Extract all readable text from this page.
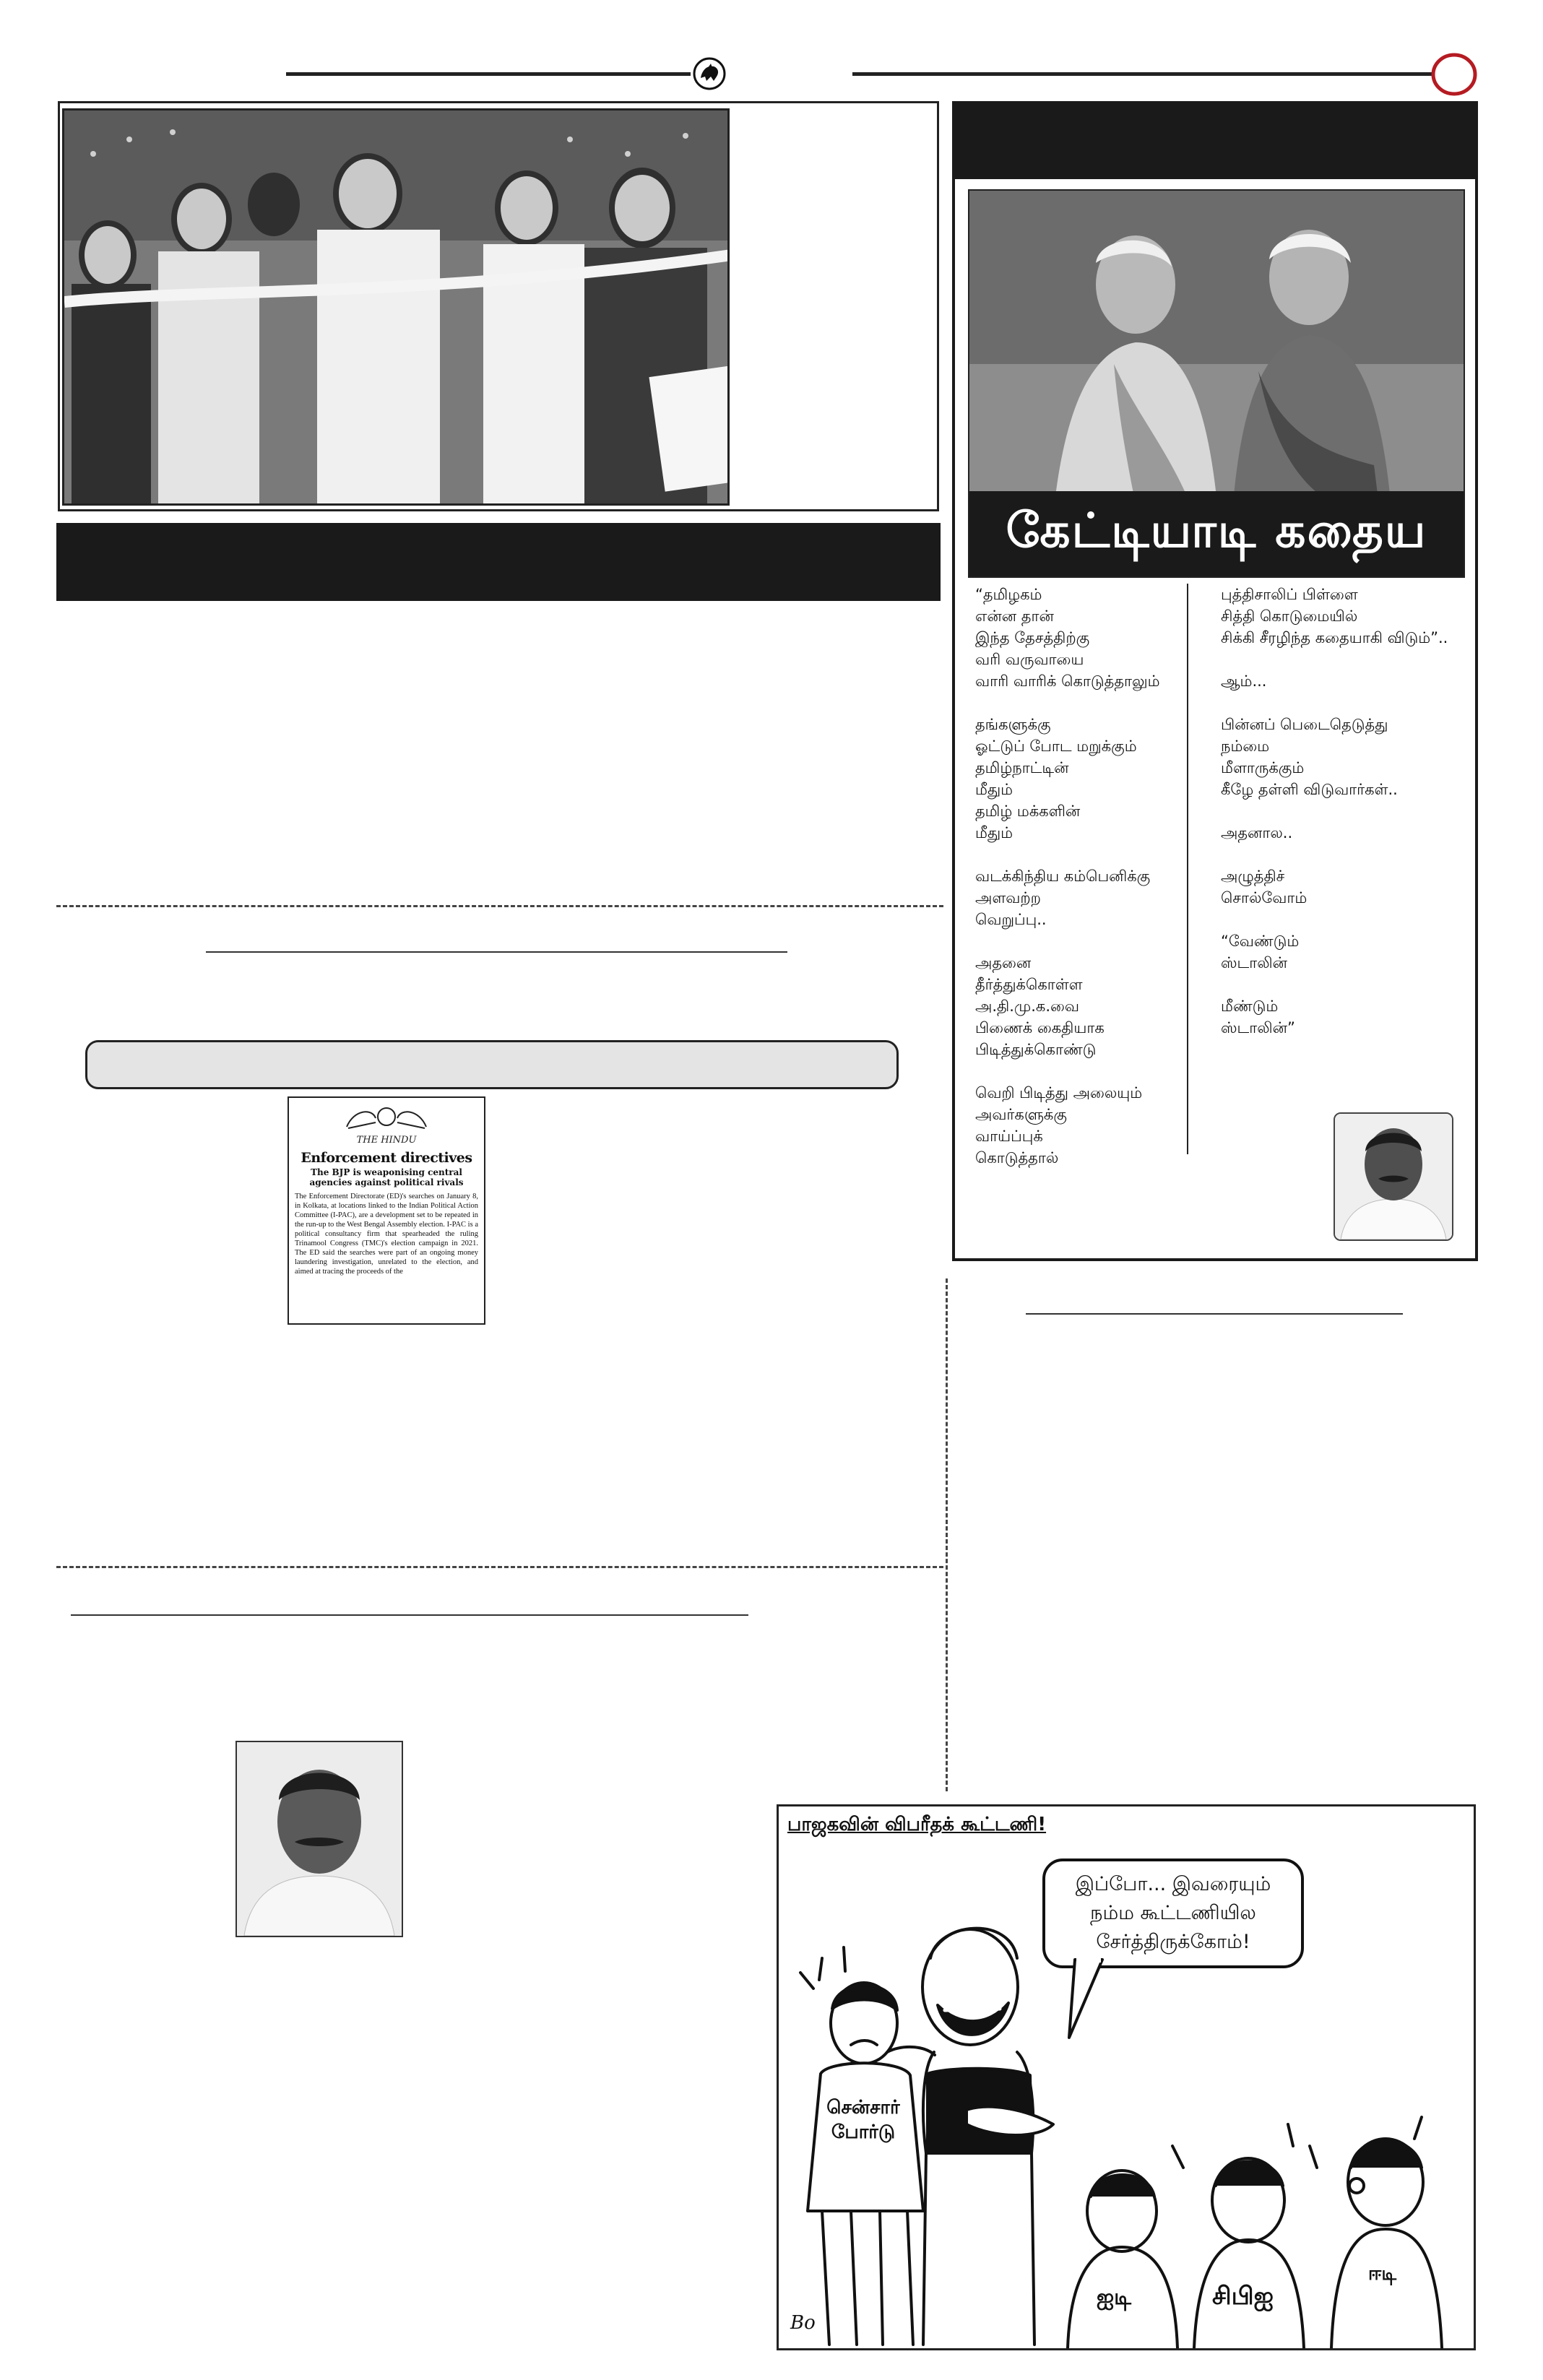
THE HINDU
Enforcement directives
The BJP is weaponising central agencies against political rivals
The Enforcement Directorate (ED)'s searches on January 8, in Kolkata, at locations linked to the Indian Political Action Committee (I-PAC), are a development set to be repeated in the run-up to the West Bengal Assembly election. I-PAC is a political consultancy firm that spearheaded the ruling Trinamool Congress (TMC)'s election campaign in 2021. The ED said the searches were part of an ongoing money laundering investigation, unrelated to the election, and aimed at tracing the proceeds of the
கேட்டியாடி கதைய
“தமிழகம்
என்ன தான்
இந்த தேசத்திற்கு
வரி வருவாயை
வாரி வாரிக் கொடுத்தாலும்
தங்களுக்கு
ஓட்டுப் போட மறுக்கும்
தமிழ்நாட்டின்
மீதும்
தமிழ் மக்களின்
மீதும்
வடக்கிந்திய கம்பெனிக்கு
அளவற்ற
வெறுப்பு..
அதனை
தீர்த்துக்கொள்ள
அ.தி.மு.க.வை
பிணைக் கைதியாக
பிடித்துக்கொண்டு
வெறி பிடித்து அலையும்
அவர்களுக்கு
வாய்ப்புக்
கொடுத்தால்
புத்திசாலிப் பிள்ளை
சித்தி கொடுமையில்
சிக்கி சீரழிந்த கதையாகி விடும்”..
ஆம்...
பின்னப் பெடைதெடுத்து
நம்மை
மீளாருக்கும்
கீழே தள்ளி விடுவார்கள்..
அதனால..
அழுத்திச்
சொல்வோம்
“வேண்டும்
ஸ்டாலின்
மீண்டும்
ஸ்டாலின்”
பாஜகவின் விபரீதக் கூட்டணி!
இப்போ... இவரையும்
நம்ம கூட்டணியில
சேர்த்திருக்கோம்!
சென்சார்
போர்டு
ஐடி	சிபிஐ
ஈடி
Bo
